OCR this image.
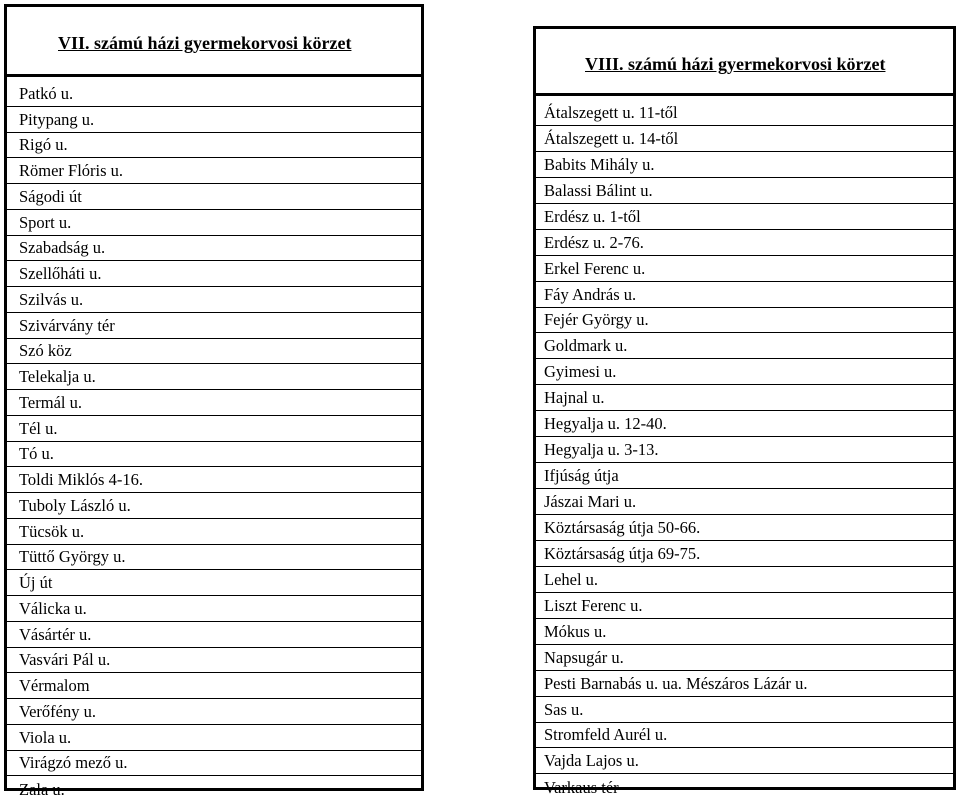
VII. számú házi gyermekorvosi körzet
Patkó u.
Pitypang u.
Rigó u.
Römer Flóris u.
Ságodi út
Sport u.
Szabadság u.
Szellőháti u.
Szilvás u.
Szivárvány tér
Szó köz
Telekalja u.
Termál u.
Tél u.
Tó u.
Toldi Miklós 4-16.
Tuboly László u.
Tücsök u.
Tüttő György u.
Új út
Válicka u.
Vásártér u.
Vasvári Pál u.
Vérmalom
Verőfény u.
Viola u.
Virágzó mező u.
Zala u.
VIII. számú házi gyermekorvosi körzet
Átalszegett u. 11-től
Átalszegett u. 14-től
Babits Mihály u.
Balassi Bálint u.
Erdész u. 1-től
Erdész u. 2-76.
Erkel Ferenc u.
Fáy András u.
Fejér György u.
Goldmark u.
Gyimesi u.
Hajnal u.
Hegyalja u. 12-40.
Hegyalja u. 3-13.
Ifjúság útja
Jászai Mari u.
Köztársaság útja 50-66.
Köztársaság útja 69-75.
Lehel u.
Liszt Ferenc u.
Mókus u.
Napsugár u.
Pesti Barnabás u. ua. Mészáros Lázár u.
Sas u.
Stromfeld Aurél u.
Vajda Lajos u.
Varkaus tér
